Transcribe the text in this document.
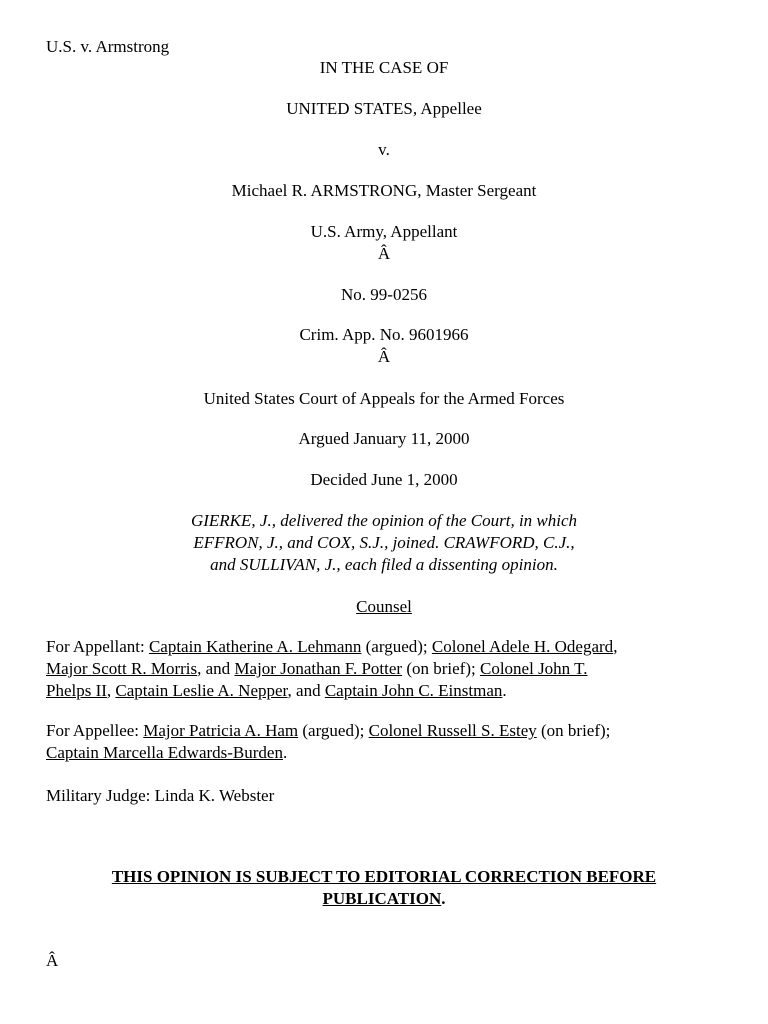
U.S. v. Armstrong
IN THE CASE OF
UNITED STATES, Appellee
v.
Michael R. ARMSTRONG, Master Sergeant
U.S. Army, Appellant
Â
No. 99-0256
Crim. App. No. 9601966
Â
United States Court of Appeals for the Armed Forces
Argued January 11, 2000
Decided June 1, 2000
GIERKE, J., delivered the opinion of the Court, in which
EFFRON, J., and COX, S.J., joined. CRAWFORD, C.J.,
and SULLIVAN, J., each filed a dissenting opinion.
Counsel
For Appellant: Captain Katherine A. Lehmann (argued); Colonel Adele H. Odegard,
Major Scott R. Morris, and Major Jonathan F. Potter (on brief); Colonel John T.
Phelps II, Captain Leslie A. Nepper, and Captain John C. Einstman.
For Appellee: Major Patricia A. Ham (argued); Colonel Russell S. Estey (on brief);
Captain Marcella Edwards-Burden.
Military Judge: Linda K. Webster
THIS OPINION IS SUBJECT TO EDITORIAL CORRECTION BEFORE
PUBLICATION.
Â
